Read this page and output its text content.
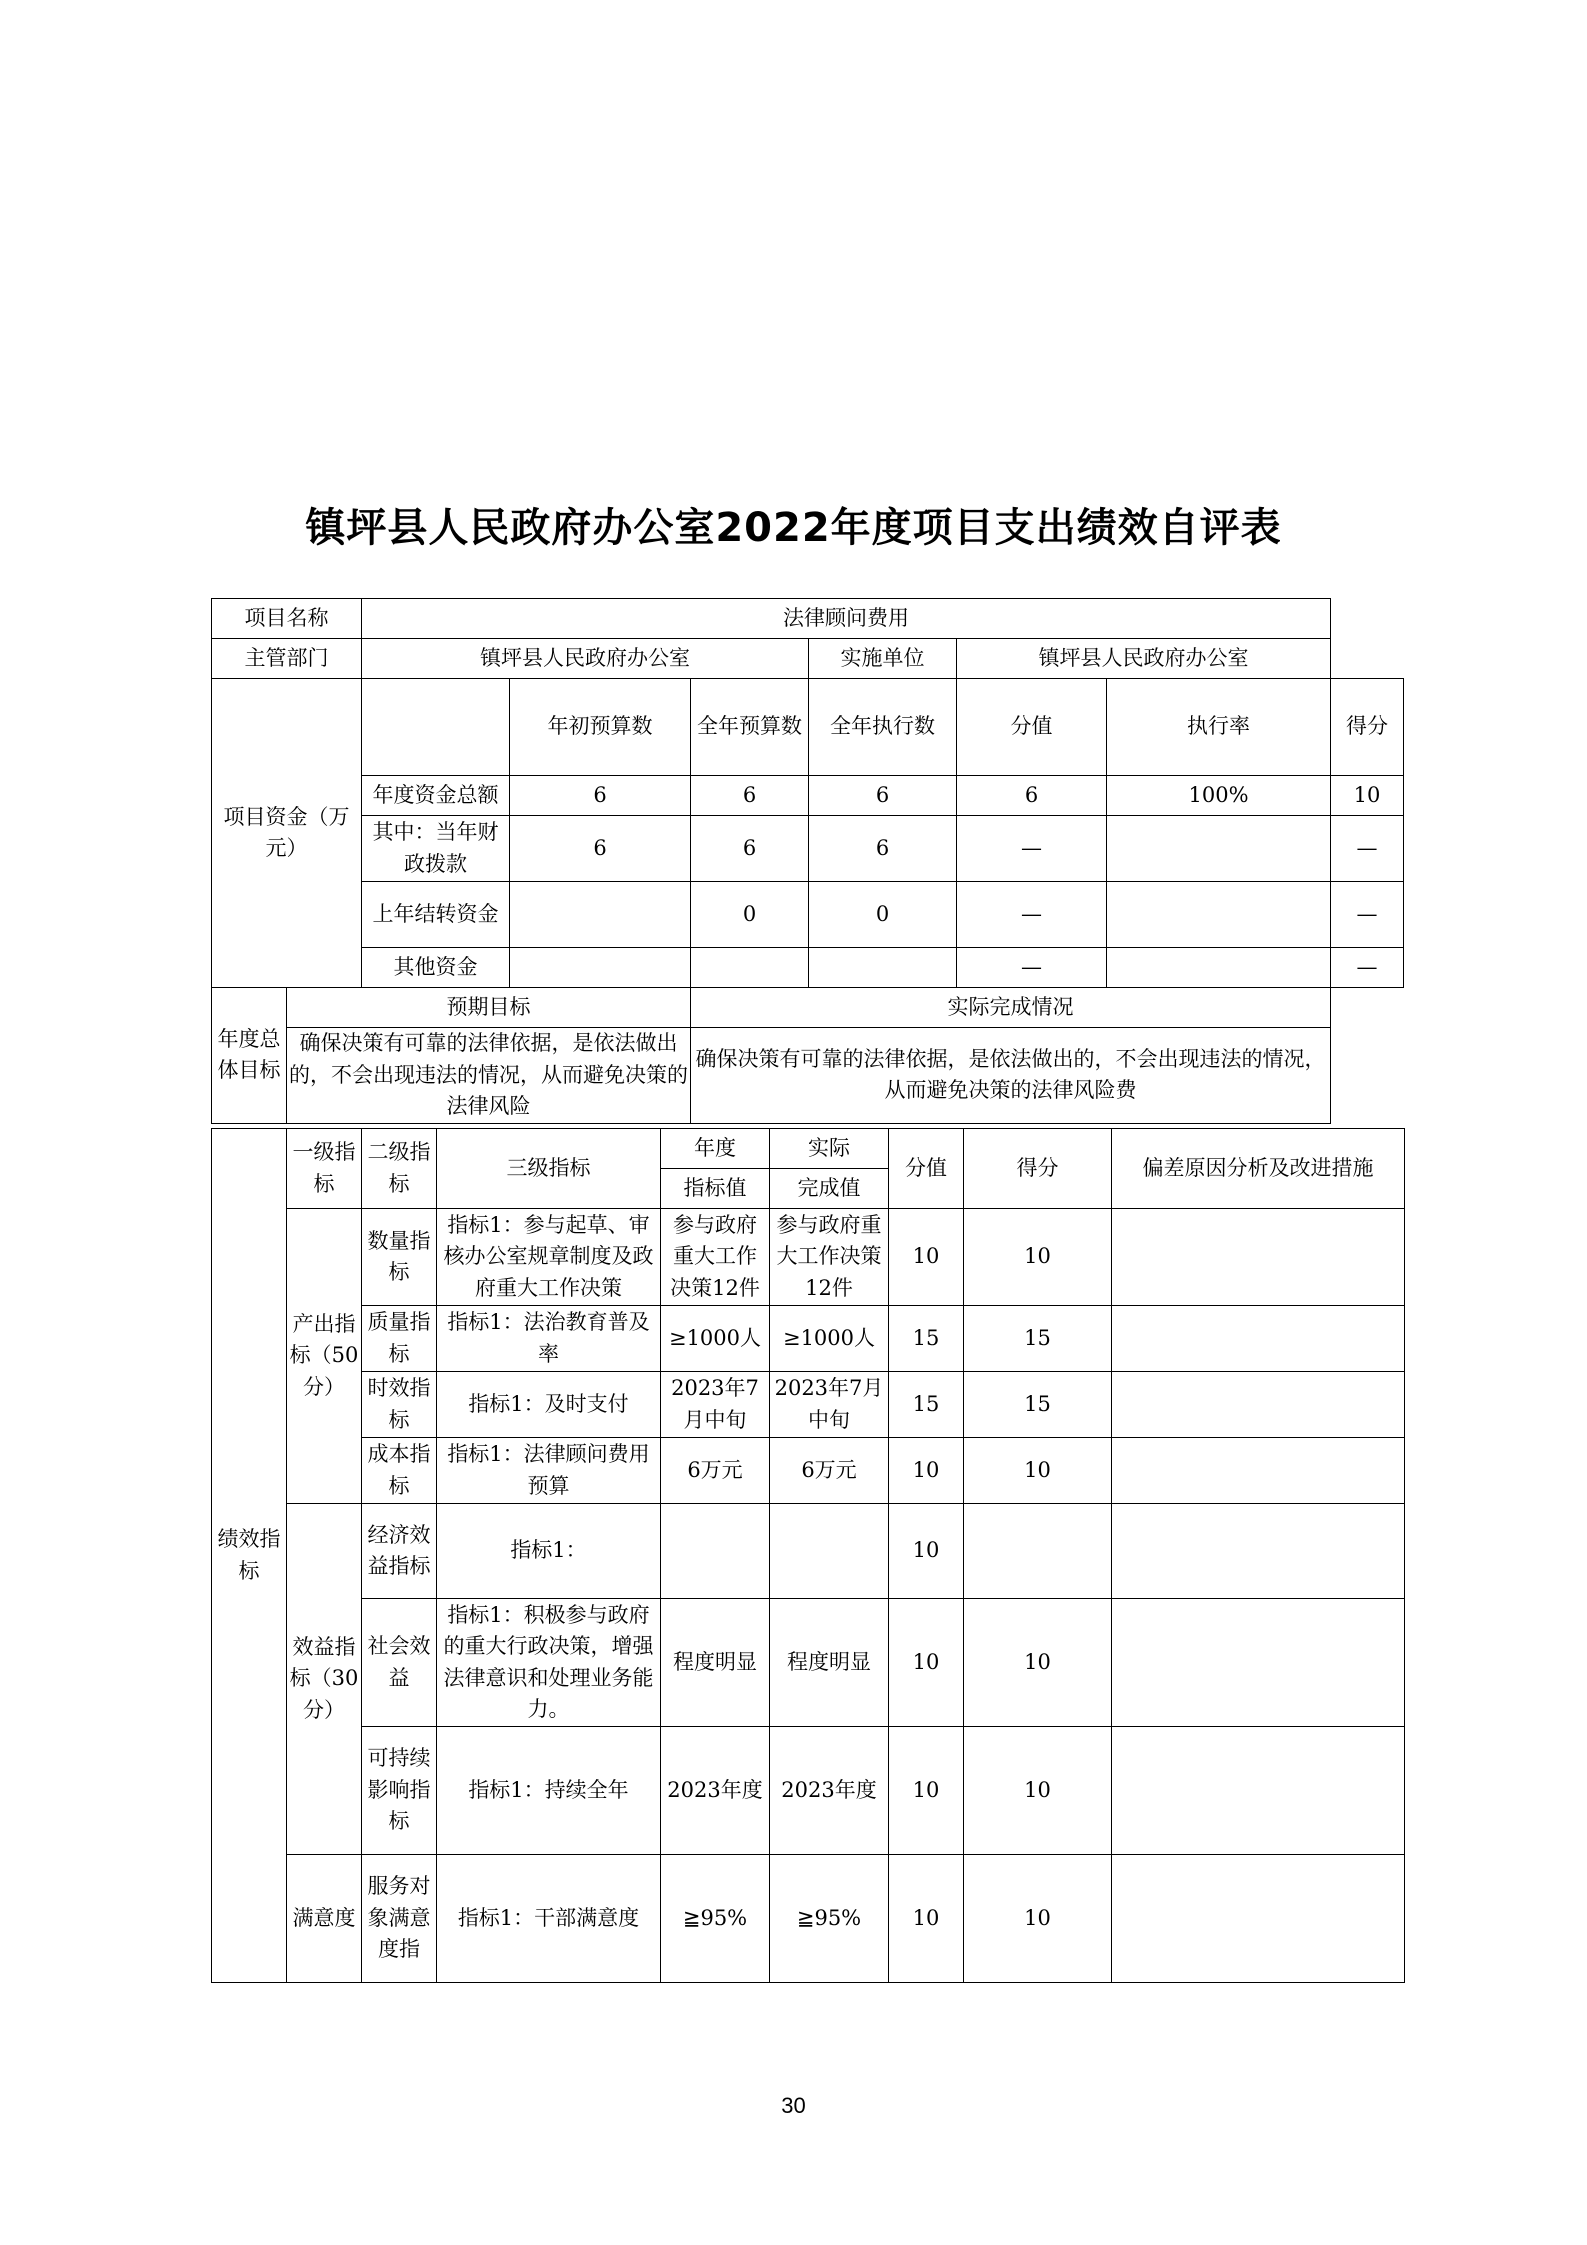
镇坪县人民政府办公室2022年度项目支出绩效自评表
项目名称		法律顾问费用						
主管部门		镇坪县人民政府办公室			实施单位	镇坪县人民政府办公室		
项目资金（万元）			年初预算数	全年预算数	全年执行数	分值	执行率	得分
		年度资金总额	6	6	6	6	100%	10
		其中：当年财政拨款	6	6	6	—		—
		上年结转资金		0	0	—		—
		其他资金				—		—
年度总体目标	预期目标			实际完成情况				
	确保决策有可靠的法律依据，是依法做出的，不会出现违法的情况，从而避免决策的法律风险			确保决策有可靠的法律依据，是依法做出的，不会出现违法的情况，从而避免决策的法律风险费				
绩效指标	一级指标	二级指标	三级指标	年度	实际	分值	得分	偏差原因分析及改进措施
				指标值	完成值			
	产出指标（50分）	数量指标	指标1：参与起草、审核办公室规章制度及政府重大工作决策	参与政府重大工作决策12件	参与政府重大工作决策12件	10	10	
		质量指标	指标1：法治教育普及率	≥1000人	≥1000人	15	15	
		时效指标	指标1：及时支付	2023年7月中旬	2023年7月中旬	15	15	
		成本指标	指标1：法律顾问费用预算	6万元	6万元	10	10	
	效益指标（30分）	经济效益指标	指标1：			10		
		社会效益	指标1：积极参与政府的重大行政决策，增强法律意识和处理业务能力。	程度明显	程度明显	10	10	
		可持续影响指标	指标1：持续全年	2023年度	2023年度	10	10	
	满意度	服务对象满意度指	指标1：干部满意度	≧95%	≧95%	10	10	
30
